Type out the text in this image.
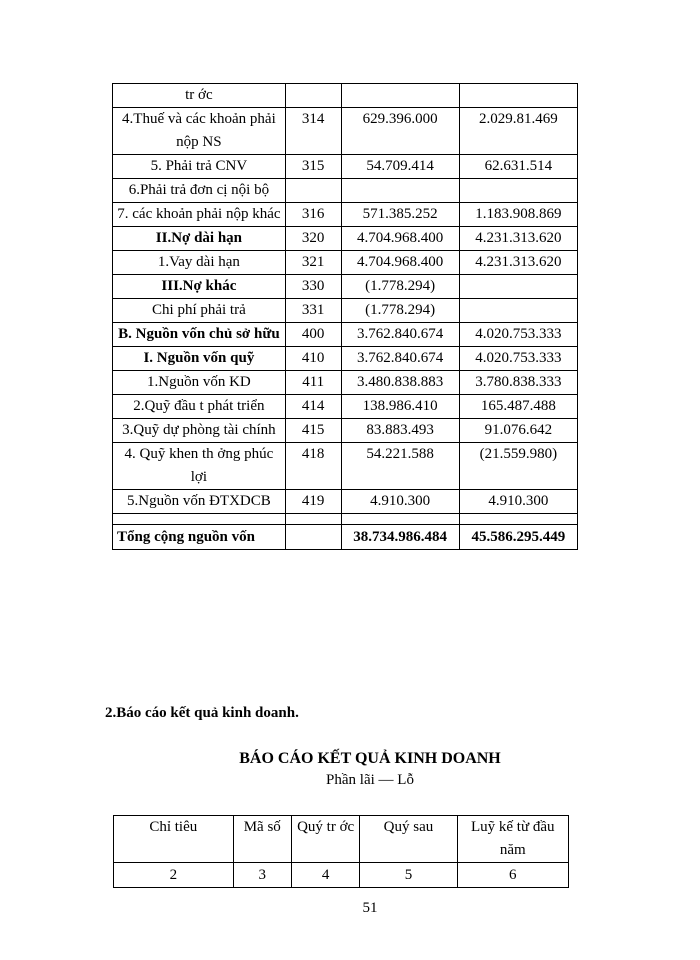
tr ớc			
4.Thuế và các khoản phải nộp NS	314	629.396.000	2.029.81.469
5. Phải trả CNV	315	54.709.414	62.631.514
6.Phải trả đơn cị nội bộ			
7. các khoản phải nộp khác	316	571.385.252	1.183.908.869
II.Nợ dài hạn	320	4.704.968.400	4.231.313.620
1.Vay dài hạn	321	4.704.968.400	4.231.313.620
III.Nợ khác	330	(1.778.294)	
Chi phí phải trả	331	(1.778.294)	
B. Nguồn vốn chủ sở hữu	400	3.762.840.674	4.020.753.333
I. Nguồn vốn quỹ	410	3.762.840.674	4.020.753.333
1.Nguồn vốn KD	411	3.480.838.883	3.780.838.333
2.Quỹ đầu t phát triển	414	138.986.410	165.487.488
3.Quỹ dự phòng tài chính	415	83.883.493	91.076.642
4. Quỹ khen th ởng phúc lợi	418	54.221.588	(21.559.980)
5.Nguồn vốn ĐTXDCB	419	4.910.300	4.910.300

Tổng cộng nguồn vốn		38.734.986.484	45.586.295.449
2.Báo cáo kết quả kinh doanh.
BÁO CÁO KẾT QUẢ KINH DOANH
Phần lãi — Lỗ
Chỉ tiêu	Mã số	Quý tr ớc	Quý sau	Luỹ kế từ đầu năm
2	3	4	5	6
51
